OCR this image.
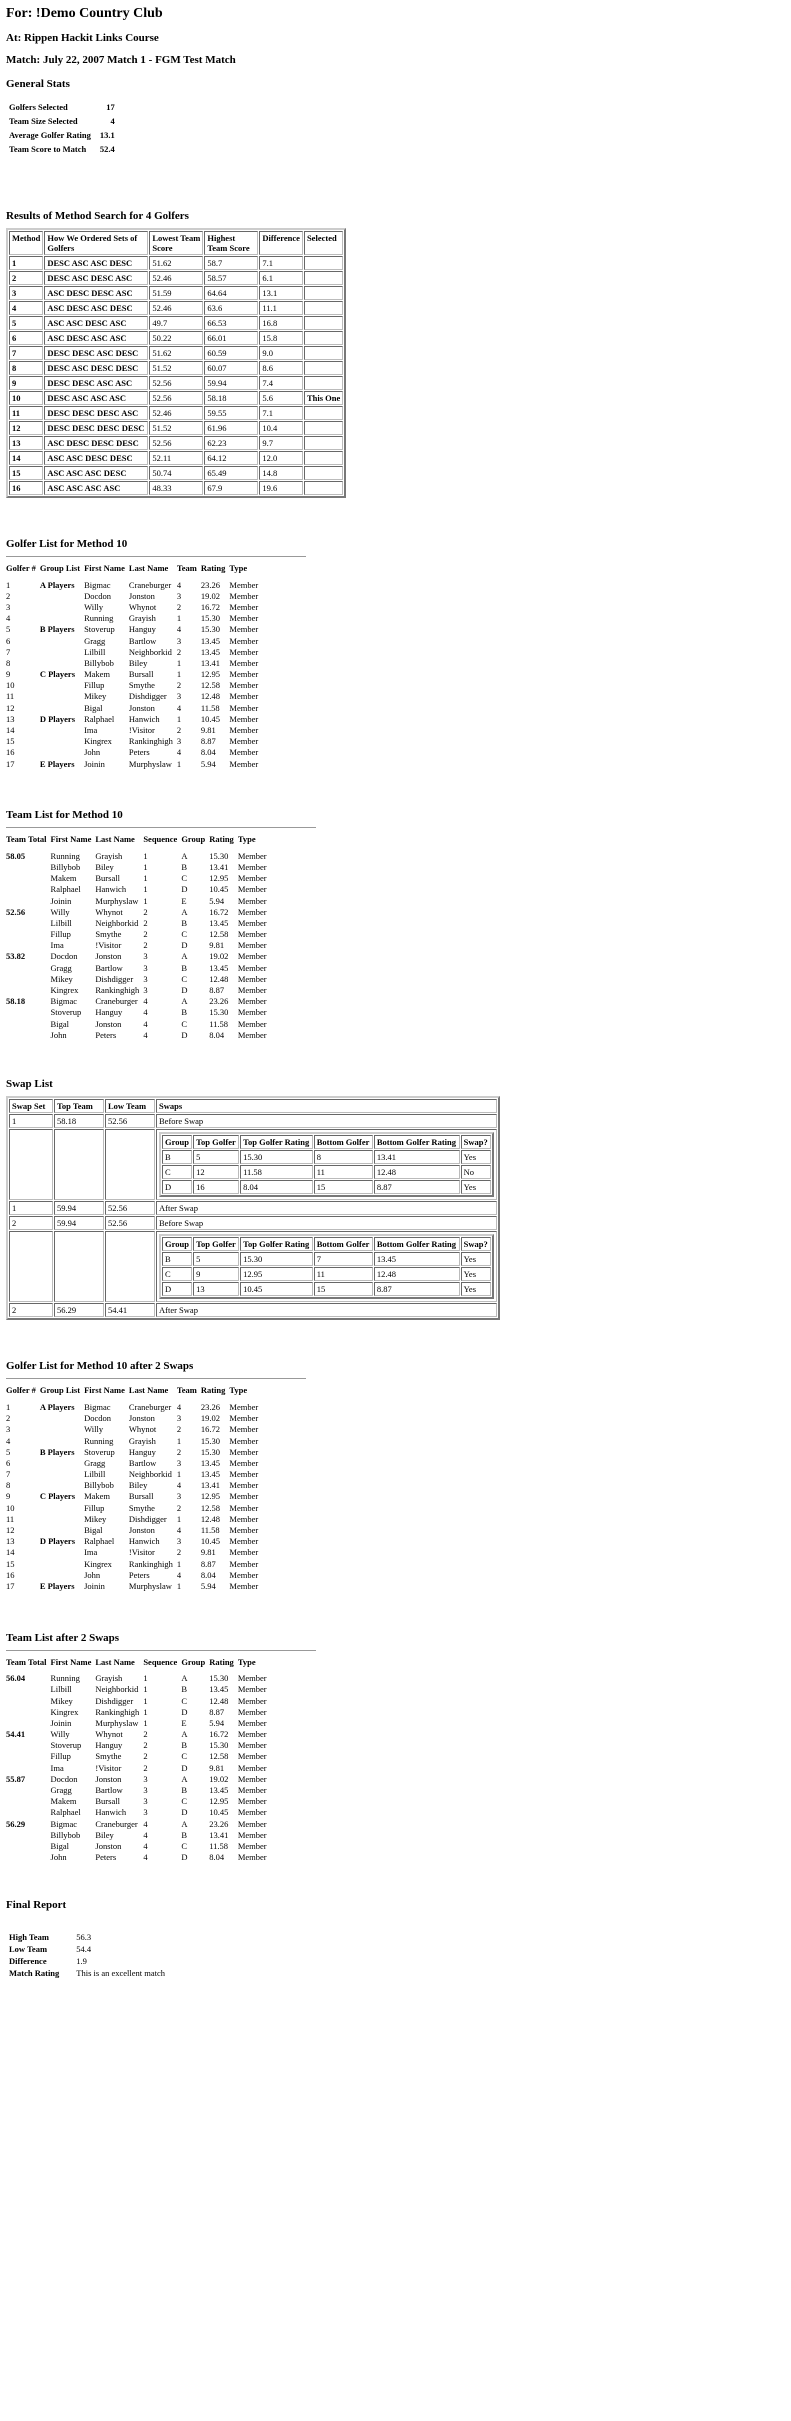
For: !Demo Country Club
At: Rippen Hackit Links Course
Match: July 22, 2007 Match 1 - FGM Test Match
General Stats
Golfers Selected	17
Team Size Selected	4
Average Golfer Rating	13.1
Team Score to Match	52.4
Results of Method Search for 4 Golfers
Method	How We Ordered Sets of Golfers	Lowest Team Score	Highest Team Score	Difference	Selected
1	DESC ASC ASC DESC	51.62	58.7	7.1	
2	DESC ASC DESC ASC	52.46	58.57	6.1	
3	ASC DESC DESC ASC	51.59	64.64	13.1	
4	ASC DESC ASC DESC	52.46	63.6	11.1	
5	ASC ASC DESC ASC	49.7	66.53	16.8	
6	ASC DESC ASC ASC	50.22	66.01	15.8	
7	DESC DESC ASC DESC	51.62	60.59	9.0	
8	DESC ASC DESC DESC	51.52	60.07	8.6	
9	DESC DESC ASC ASC	52.56	59.94	7.4	
10	DESC ASC ASC ASC	52.56	58.18	5.6	This One
11	DESC DESC DESC ASC	52.46	59.55	7.1	
12	DESC DESC DESC DESC	51.52	61.96	10.4	
13	ASC DESC DESC DESC	52.56	62.23	9.7	
14	ASC ASC DESC DESC	52.11	64.12	12.0	
15	ASC ASC ASC DESC	50.74	65.49	14.8	
16	ASC ASC ASC ASC	48.33	67.9	19.6	
Golfer List for Method 10
Golfer #	Group List	First Name	Last Name	Team	Rating	Type
1	A Players	Bigmac	Craneburger	4	23.26	Member
2		Docdon	Jonston	3	19.02	Member
3		Willy	Whynot	2	16.72	Member
4		Running	Grayish	1	15.30	Member
5	B Players	Stoverup	Hanguy	4	15.30	Member
6		Gragg	Bartlow	3	13.45	Member
7		Lilbill	Neighborkid	2	13.45	Member
8		Billybob	Biley	1	13.41	Member
9	C Players	Makem	Bursall	1	12.95	Member
10		Fillup	Smythe	2	12.58	Member
11		Mikey	Dishdigger	3	12.48	Member
12		Bigal	Jonston	4	11.58	Member
13	D Players	Ralphael	Hanwich	1	10.45	Member
14		Ima	!Visitor	2	9.81	Member
15		Kingrex	Rankinghigh	3	8.87	Member
16		John	Peters	4	8.04	Member
17	E Players	Joinin	Murphyslaw	1	5.94	Member
Team List for Method 10
Team Total	First Name	Last Name	Sequence	Group	Rating	Type
58.05	Running	Grayish	1	A	15.30	Member
	Billybob	Biley	1	B	13.41	Member
	Makem	Bursall	1	C	12.95	Member
	Ralphael	Hanwich	1	D	10.45	Member
	Joinin	Murphyslaw	1	E	5.94	Member
52.56	Willy	Whynot	2	A	16.72	Member
	Lilbill	Neighborkid	2	B	13.45	Member
	Fillup	Smythe	2	C	12.58	Member
	Ima	!Visitor	2	D	9.81	Member
53.82	Docdon	Jonston	3	A	19.02	Member
	Gragg	Bartlow	3	B	13.45	Member
	Mikey	Dishdigger	3	C	12.48	Member
	Kingrex	Rankinghigh	3	D	8.87	Member
58.18	Bigmac	Craneburger	4	A	23.26	Member
	Stoverup	Hanguy	4	B	15.30	Member
	Bigal	Jonston	4	C	11.58	Member
	John	Peters	4	D	8.04	Member
Swap List
Swap Set	Top Team	Low Team	Swaps
1	58.18	52.56	Before Swap

Group	Top Golfer	Top Golfer Rating	Bottom Golfer	Bottom Golfer Rating	Swap?
B	5	15.30	8	13.41	Yes
C	12	11.58	11	12.48	No
D	16	8.04	15	8.87	Yes

1	59.94	52.56	After Swap
2	59.94	52.56	Before Swap

Group	Top Golfer	Top Golfer Rating	Bottom Golfer	Bottom Golfer Rating	Swap?
B	5	15.30	7	13.45	Yes
C	9	12.95	11	12.48	Yes
D	13	10.45	15	8.87	Yes

2	56.29	54.41	After Swap
Golfer List for Method 10 after 2 Swaps
Golfer #	Group List	First Name	Last Name	Team	Rating	Type
1	A Players	Bigmac	Craneburger	4	23.26	Member
2		Docdon	Jonston	3	19.02	Member
3		Willy	Whynot	2	16.72	Member
4		Running	Grayish	1	15.30	Member
5	B Players	Stoverup	Hanguy	2	15.30	Member
6		Gragg	Bartlow	3	13.45	Member
7		Lilbill	Neighborkid	1	13.45	Member
8		Billybob	Biley	4	13.41	Member
9	C Players	Makem	Bursall	3	12.95	Member
10		Fillup	Smythe	2	12.58	Member
11		Mikey	Dishdigger	1	12.48	Member
12		Bigal	Jonston	4	11.58	Member
13	D Players	Ralphael	Hanwich	3	10.45	Member
14		Ima	!Visitor	2	9.81	Member
15		Kingrex	Rankinghigh	1	8.87	Member
16		John	Peters	4	8.04	Member
17	E Players	Joinin	Murphyslaw	1	5.94	Member
Team List after 2 Swaps
Team Total	First Name	Last Name	Sequence	Group	Rating	Type
56.04	Running	Grayish	1	A	15.30	Member
	Lilbill	Neighborkid	1	B	13.45	Member
	Mikey	Dishdigger	1	C	12.48	Member
	Kingrex	Rankinghigh	1	D	8.87	Member
	Joinin	Murphyslaw	1	E	5.94	Member
54.41	Willy	Whynot	2	A	16.72	Member
	Stoverup	Hanguy	2	B	15.30	Member
	Fillup	Smythe	2	C	12.58	Member
	Ima	!Visitor	2	D	9.81	Member
55.87	Docdon	Jonston	3	A	19.02	Member
	Gragg	Bartlow	3	B	13.45	Member
	Makem	Bursall	3	C	12.95	Member
	Ralphael	Hanwich	3	D	10.45	Member
56.29	Bigmac	Craneburger	4	A	23.26	Member
	Billybob	Biley	4	B	13.41	Member
	Bigal	Jonston	4	C	11.58	Member
	John	Peters	4	D	8.04	Member
Final Report
High Team	56.3
Low Team	54.4
Difference	1.9
Match Rating	This is an excellent match
